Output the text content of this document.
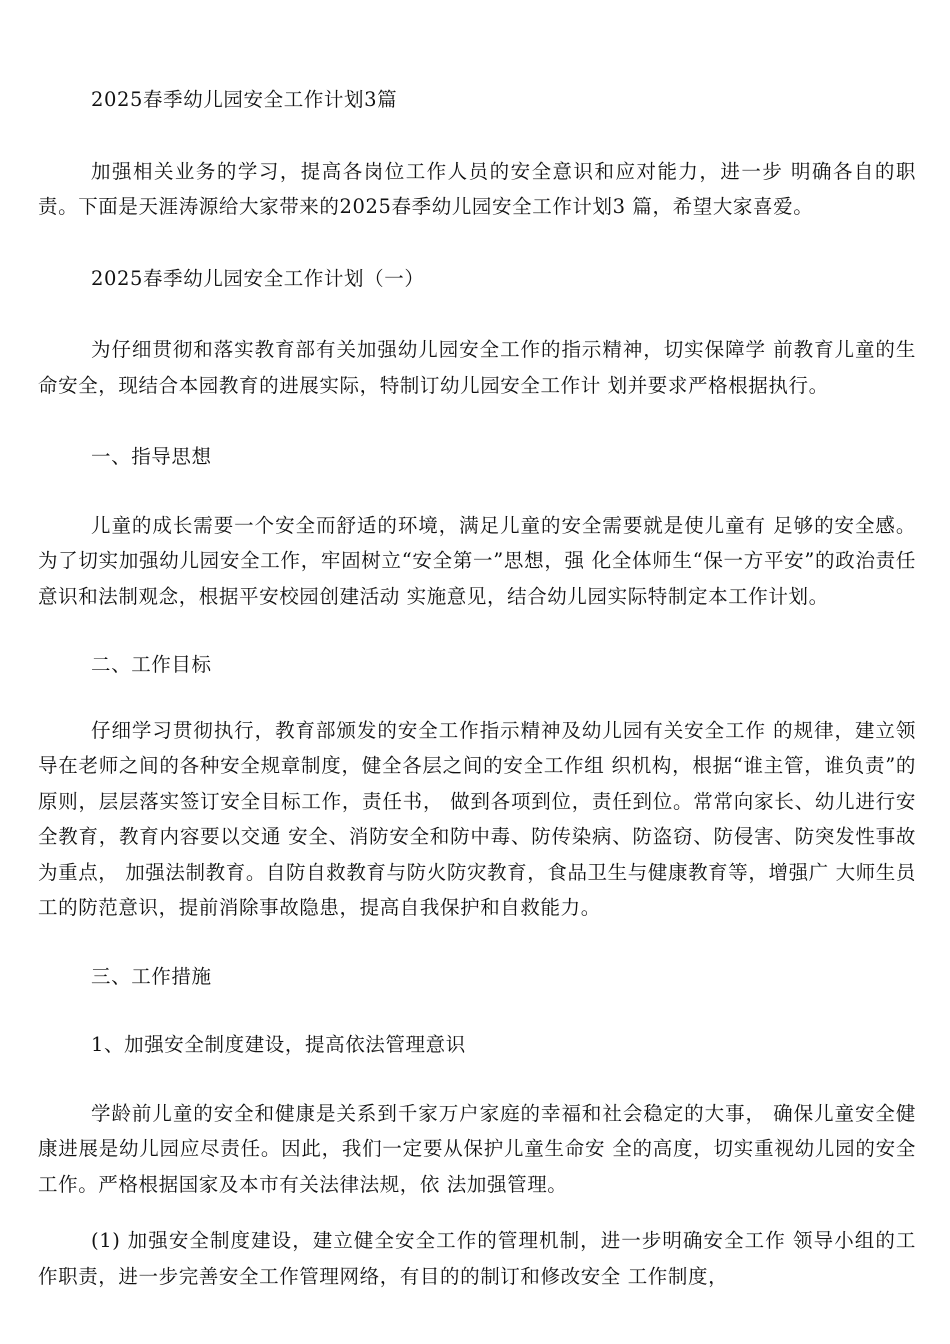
2025春季幼儿园安全工作计划3篇

加强相关业务的学习，提高各岗位工作人员的安全意识和应对能力，进一步 明确各自的职责。下面是天涯涛源给大家带来的2025春季幼儿园安全工作计划3 篇，希望大家喜爱。

2025春季幼儿园安全工作计划（一）

为仔细贯彻和落实教育部有关加强幼儿园安全工作的指示精神，切实保障学 前教育儿童的生命安全，现结合本园教育的进展实际，特制订幼儿园安全工作计 划并要求严格根据执行。

一、指导思想

儿童的成长需要一个安全而舒适的环境，满足儿童的安全需要就是使儿童有 足够的安全感。为了切实加强幼儿园安全工作，牢固树立“安全第一”思想，强 化全体师生“保一方平安”的政治责任意识和法制观念，根据平安校园创建活动 实施意见，结合幼儿园实际特制定本工作计划。

二、工作目标

仔细学习贯彻执行，教育部颁发的安全工作指示精神及幼儿园有关安全工作 的规律，建立领导在老师之间的各种安全规章制度，健全各层之间的安全工作组 织机构，根据“谁主管，谁负责”的原则，层层落实签订安全目标工作，责任书， 做到各项到位，责任到位。常常向家长、幼儿进行安全教育，教育内容要以交通 安全、消防安全和防中毒、防传染病、防盗窃、防侵害、防突发性事故为重点， 加强法制教育。自防自救教育与防火防灾教育，食品卫生与健康教育等，增强广 大师生员工的防范意识，提前消除事故隐患，提高自我保护和自救能力。

三、工作措施

1、加强安全制度建设，提高依法管理意识

学龄前儿童的安全和健康是关系到千家万户家庭的幸福和社会稳定的大事， 确保儿童安全健康进展是幼儿园应尽责任。因此，我们一定要从保护儿童生命安 全的高度，切实重视幼儿园的安全工作。严格根据国家及本市有关法律法规，依 法加强管理。

(1) 加强安全制度建设，建立健全安全工作的管理机制，进一步明确安全工作 领导小组的工作职责，进一步完善安全工作管理网络，有目的的制订和修改安全 工作制度，
